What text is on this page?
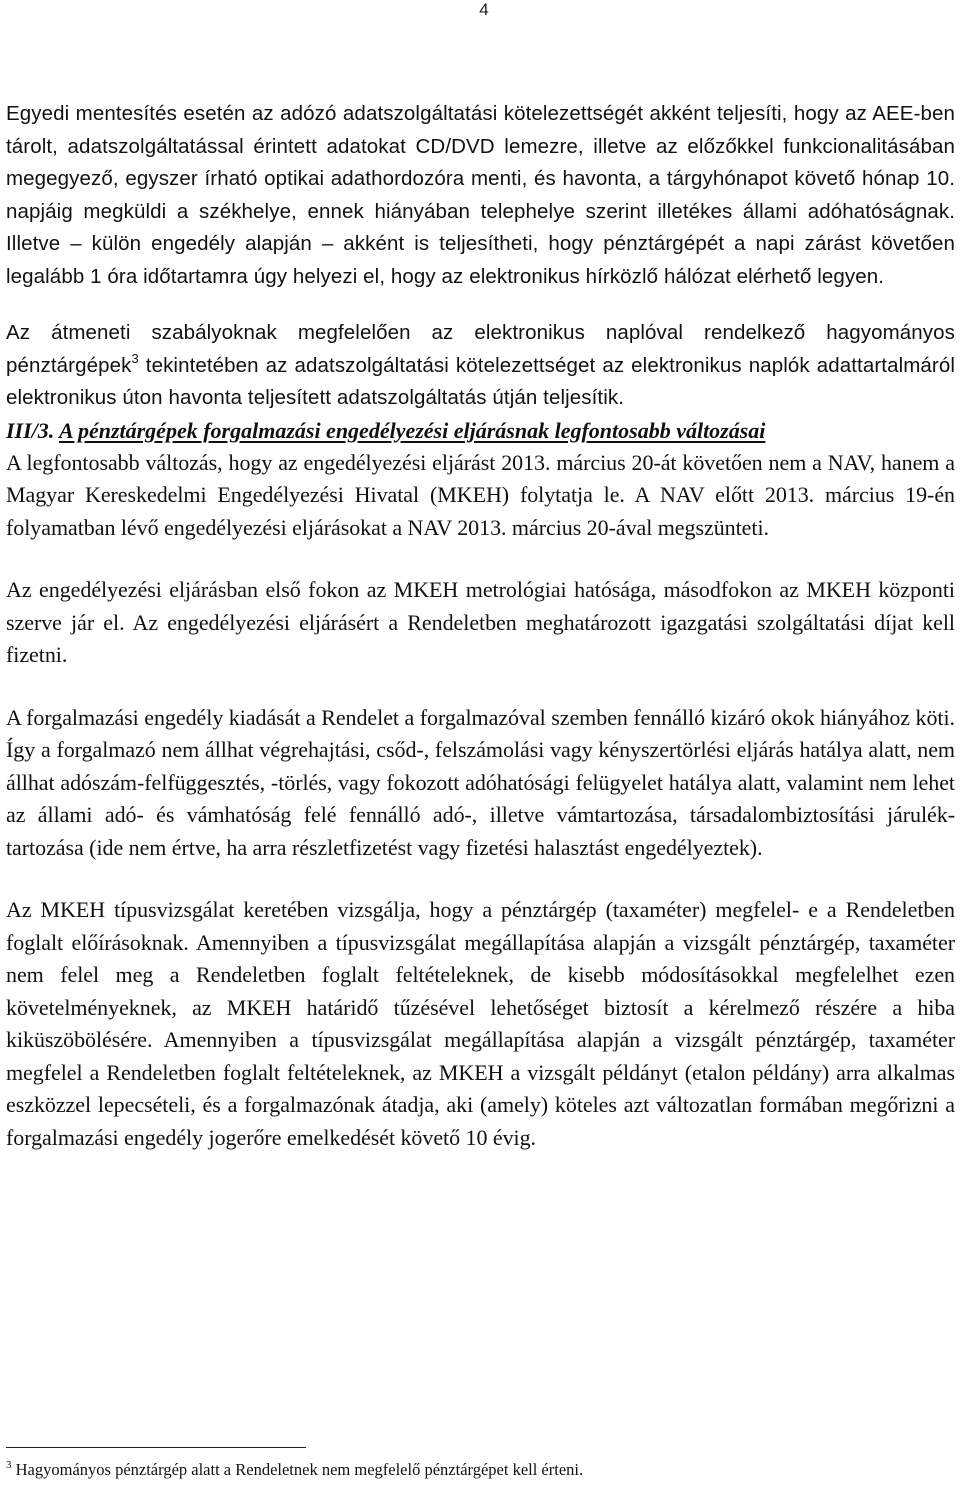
4

Egyedi mentesítés esetén az adózó adatszolgáltatási kötelezettségét akként teljesíti, hogy az AEE-ben tárolt, adatszolgáltatással érintett adatokat CD/DVD lemezre, illetve az előzőkkel funkcionalitásában megegyező, egyszer írható optikai adathordozóra menti, és havonta, a tárgyhónapot követő hónap 10. napjáig megküldi a székhelye, ennek hiányában telephelye szerint illetékes állami adóhatóságnak. Illetve – külön engedély alapján – akként is teljesítheti, hogy pénztárgépét a napi zárást követően legalább 1 óra időtartamra úgy helyezi el, hogy az elektronikus hírközlő hálózat elérhető legyen.

Az átmeneti szabályoknak megfelelően az elektronikus naplóval rendelkező hagyományos pénztárgépek$^3$ tekintetében az adatszolgáltatási kötelezettséget az elektronikus naplók adattartalmáról elektronikus úton havonta teljesített adatszolgáltatás útján teljesítik.

III/3. A pénztárgépek forgalmazási engedélyezési eljárásnak legfontosabb változásai

A legfontosabb változás, hogy az engedélyezési eljárást 2013. március 20-át követően nem a NAV, hanem a Magyar Kereskedelmi Engedélyezési Hivatal (MKEH) folytatja le. A NAV előtt 2013. március 19-én folyamatban lévő engedélyezési eljárásokat a NAV 2013. március 20-ával megszünteti.

Az engedélyezési eljárásban első fokon az MKEH metrológiai hatósága, másodfokon az MKEH központi szerve jár el. Az engedélyezési eljárásért a Rendeletben meghatározott igazgatási szolgáltatási díjat kell fizetni.

A forgalmazási engedély kiadását a Rendelet a forgalmazóval szemben fennálló kizáró okok hiányához köti. Így a forgalmazó nem állhat végrehajtási, csőd-, felszámolási vagy kényszertörlési eljárás hatálya alatt, nem állhat adószám-felfüggesztés, -törlés, vagy fokozott adóhatósági felügyelet hatálya alatt, valamint nem lehet az állami adó- és vámhatóság felé fennálló adó-, illetve vámtartozása, társadalombiztosítási járulék- tartozása (ide nem értve, ha arra részletfizetést vagy fizetési halasztást engedélyeztek).

Az MKEH típusvizsgálat keretében vizsgálja, hogy a pénztárgép (taxaméter) megfelel- e a Rendeletben foglalt előírásoknak. Amennyiben a típusvizsgálat megállapítása alapján a vizsgált pénztárgép, taxaméter nem felel meg a Rendeletben foglalt feltételeknek, de kisebb módosításokkal megfelelhet ezen követelményeknek, az MKEH határidő tűzésével lehetőséget biztosít a kérelmező részére a hiba kiküszöbölésére. Amennyiben a típusvizsgálat megállapítása alapján a vizsgált pénztárgép, taxaméter megfelel a Rendeletben foglalt feltételeknek, az MKEH a vizsgált példányt (etalon példány) arra alkalmas eszközzel lepecsételi, és a forgalmazónak átadja, aki (amely) köteles azt változatlan formában megőrizni a forgalmazási engedély jogerőre emelkedését követő 10 évig.

$^3$ Hagyományos pénztárgép alatt a Rendeletnek nem megfelelő pénztárgépet kell érteni.
